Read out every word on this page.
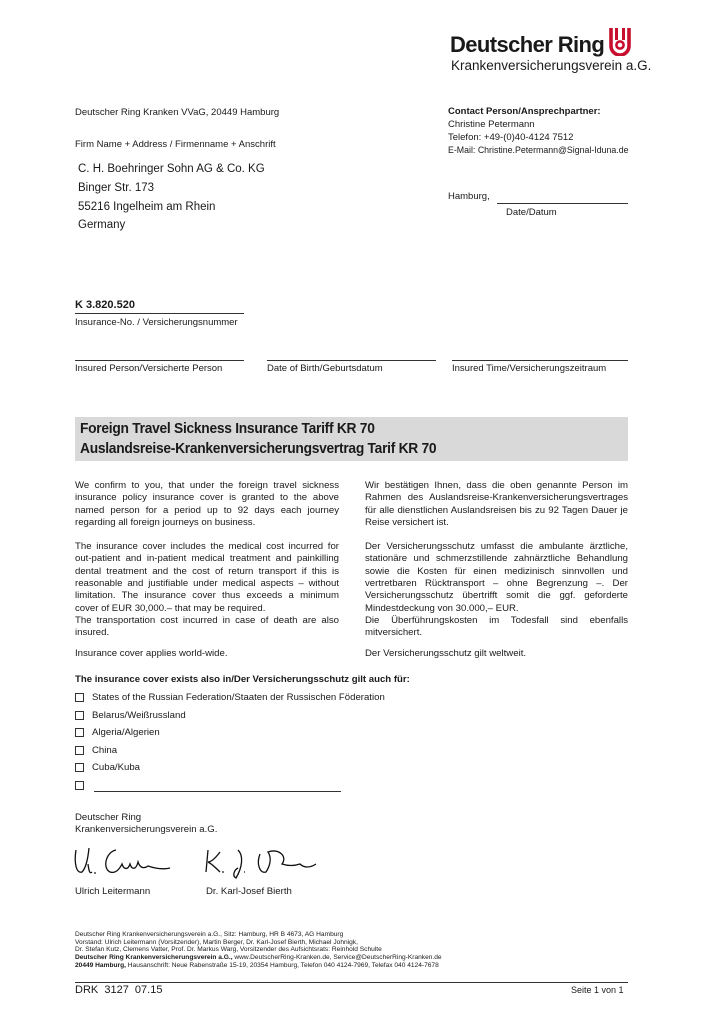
Deutscher Ring
Krankenversicherungsverein a.G.
Deutscher Ring Kranken VVaG, 20449 Hamburg
Firm Name + Address / Firmenname + Anschrift
C. H. Boehringer Sohn AG & Co. KG
Binger Str. 173
55216 Ingelheim am Rhein
Germany
Contact Person/Ansprechpartner:
Christine Petermann
Telefon: +49-(0)40-4124 7512
E-Mail: Christine.Petermann@Signal-Iduna.de
Hamburg,
Date/Datum
K 3.820.520
Insurance-No. / Versicherungsnummer
Insured Person/Versicherte Person	Date of Birth/Geburtsdatum	Insured Time/Versicherungszeitraum
Foreign Travel Sickness Insurance Tariff KR 70
Auslandsreise-Krankenversicherungsvertrag Tarif KR 70
We confirm to you, that under the foreign travel sickness insurance policy insurance cover is granted to the above named person for a period up to 92 days each journey regarding all foreign journeys on business.
The insurance cover includes the medical cost incurred for out-patient and in-patient medical treatment and painkilling dental treatment and the cost of return transport if this is reasonable and justifiable under medical aspects – without limitation. The insurance cover thus exceeds a minimum cover of EUR 30,000.– that may be required.
The transportation cost incurred in case of death are also insured.
Insurance cover applies world-wide.
Wir bestätigen Ihnen, dass die oben genannte Person im Rahmen des Auslandsreise-Krankenversicherungsvertrages für alle dienstlichen Auslandsreisen bis zu 92 Tagen Dauer je Reise versichert ist.
Der Versicherungsschutz umfasst die ambulante ärztliche, stationäre und schmerzstillende zahnärztliche Behandlung sowie die Kosten für einen medizinisch sinnvollen und vertretbaren Rücktransport – ohne Begrenzung –. Der Versicherungsschutz übertrifft somit die ggf. geforderte Mindestdeckung von 30.000,– EUR.
Die Überführungskosten im Todesfall sind ebenfalls mitversichert.
Der Versicherungsschutz gilt weltweit.
The insurance cover exists also in/Der Versicherungsschutz gilt auch für:
States of the Russian Federation/Staaten der Russischen Föderation
Belarus/Weißrussland
Algeria/Algerien
China
Cuba/Kuba
Deutscher Ring
Krankenversicherungsverein a.G.
Ulrich Leitermann	Dr. Karl-Josef Bierth
Deutscher Ring Krankenversicherungsverein a.G., Sitz: Hamburg, HR B 4673, AG Hamburg
Vorstand: Ulrich Leitermann (Vorsitzender), Martin Berger, Dr. Karl-Josef Bierth, Michael Johnigk,
Dr. Stefan Kutz, Clemens Vatter, Prof. Dr. Markus Warg, Vorsitzender des Aufsichtsrats: Reinhold Schulte
Deutscher Ring Krankenversicherungsverein a.G., www.DeutscherRing-Kranken.de, Service@DeutscherRing-Kranken.de
20449 Hamburg, Hausanschrift: Neue Rabenstraße 15-19, 20354 Hamburg, Telefon 040 4124-7969, Telefax 040 4124-7678
DRK  3127  07.15	Seite 1 von 1
